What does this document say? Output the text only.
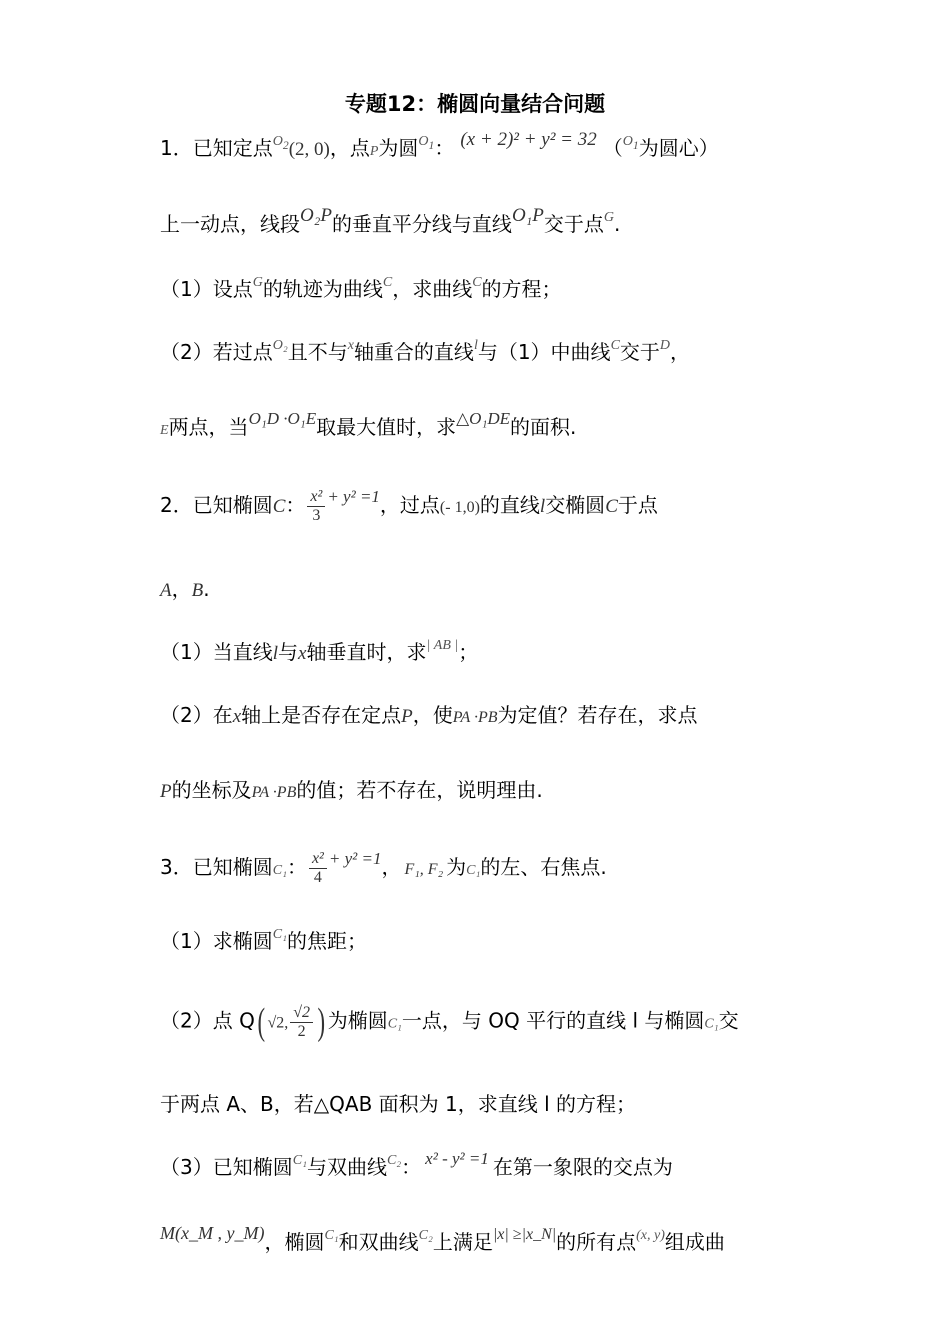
专题12：椭圆向量结合问题
1．已知定点$^{O_2}$(2, 0)，点P为圆$^{O_1}$： (x + 2)² + y² = 32 （$^{O_1}$为圆心）
上一动点，线段O₂P的垂直平分线与直线O₁P交于点$^G$.
（1）设点$^G$的轨迹为曲线$^C$，求曲线$^C$的方程；
（2）若过点$^{O_2}$且不与$^x$轴重合的直线$^l$与（1）中曲线$^C$交于$^D$，
E两点，当$^{O_1D \cdot O_1E}$取最大值时，求$^{\triangle O_1DE}$的面积.
2．已知椭圆C： $\frac{\text{x²}}{3} ^{+ y^2 =1}$，过点(- 1,0)的直线l交椭圆C于点
A，B.
（1）当直线l与x轴垂直时，求$^{| AB |}$；
（2）在x轴上是否存在定点P，使PA ·PB为定值？若存在，求点
P的坐标及PA ·PB的值；若不存在，说明理由.
3．已知椭圆C₁： $\frac{\text{x²}}{4} ^{+ y^2 =1}$， F₁, F₂ 为C₁的左、右焦点.
（1）求椭圆$^{C_1}$的焦距；
（2）点 Q( √2, $\frac{√2}{2}$ ) 为椭圆C₁一点，与 OQ 平行的直线 l 与椭圆C₁交
于两点 A、B，若△QAB 面积为 1，求直线 l 的方程；
（3）已知椭圆$^{C_1}$与双曲线$^{C_2}$： $^{x^2 - y^2 =1}$ 在第一象限的交点为
M(x_M , y_M)，椭圆$^{C_1}$和双曲线$^{C_2}$上满足$^{|x| \ge|x\_N|}$的所有点$^{(x, y)}$组成曲
